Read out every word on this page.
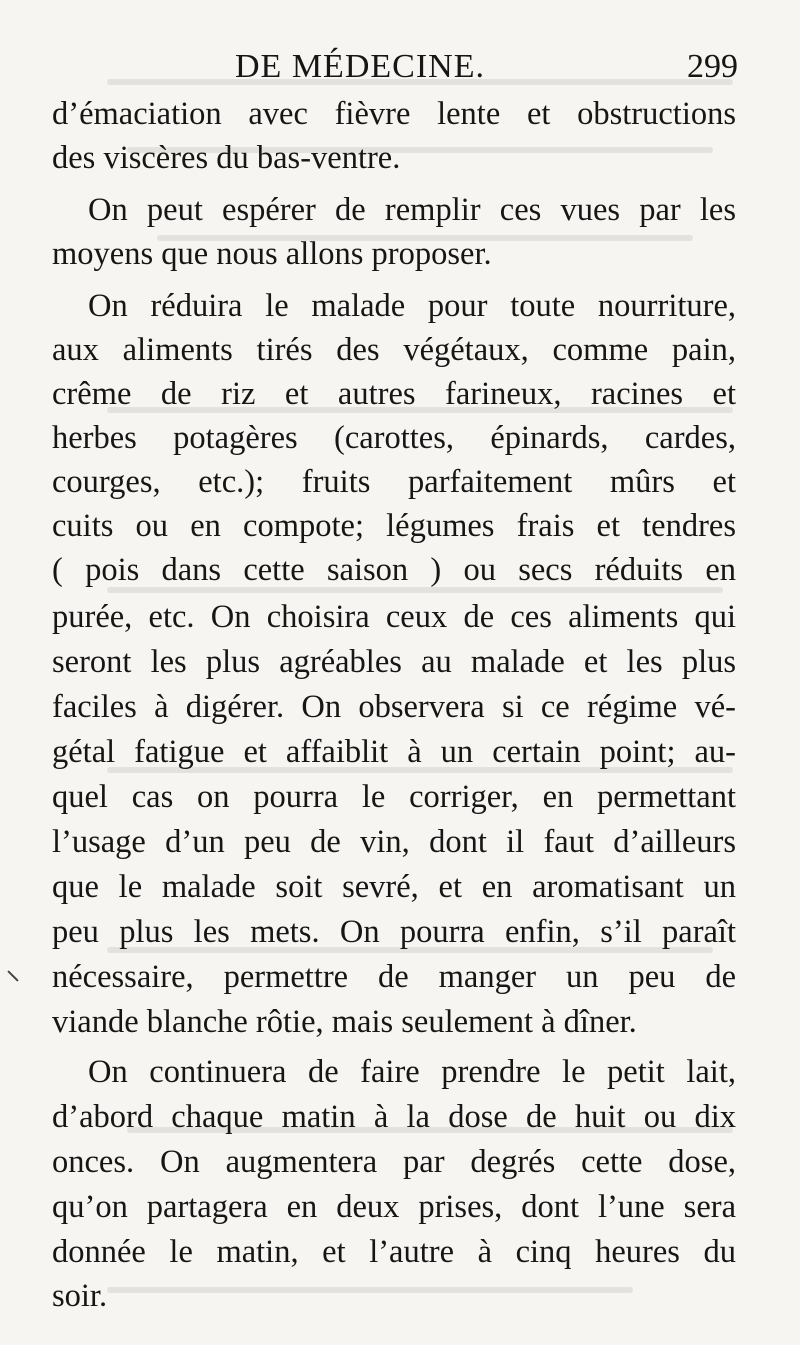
DE MÉDECINE.	299
d’émaciation avec fièvre lente et obstructions
des viscères du bas-ventre.
On peut espérer de remplir ces vues par les
moyens que nous allons proposer.
On réduira le malade pour toute nourriture,
aux aliments tirés des végétaux, comme pain,
crême de riz et autres farineux, racines et
herbes potagères (carottes, épinards, cardes,
courges, etc.); fruits parfaitement mûrs et
cuits ou en compote; légumes frais et tendres
( pois dans cette saison ) ou secs réduits en
purée, etc. On choisira ceux de ces aliments qui
seront les plus agréables au malade et les plus
faciles à digérer. On observera si ce régime vé-
gétal fatigue et affaiblit à un certain point; au-
quel cas on pourra le corriger, en permettant
l’usage d’un peu de vin, dont il faut d’ailleurs
que le malade soit sevré, et en aromatisant un
peu plus les mets. On pourra enfin, s’il paraît
nécessaire, permettre de manger un peu de
viande blanche rôtie, mais seulement à dîner.
On continuera de faire prendre le petit lait,
d’abord chaque matin à la dose de huit ou dix
onces. On augmentera par degrés cette dose,
qu’on partagera en deux prises, dont l’une sera
donnée le matin, et l’autre à cinq heures du
soir.
